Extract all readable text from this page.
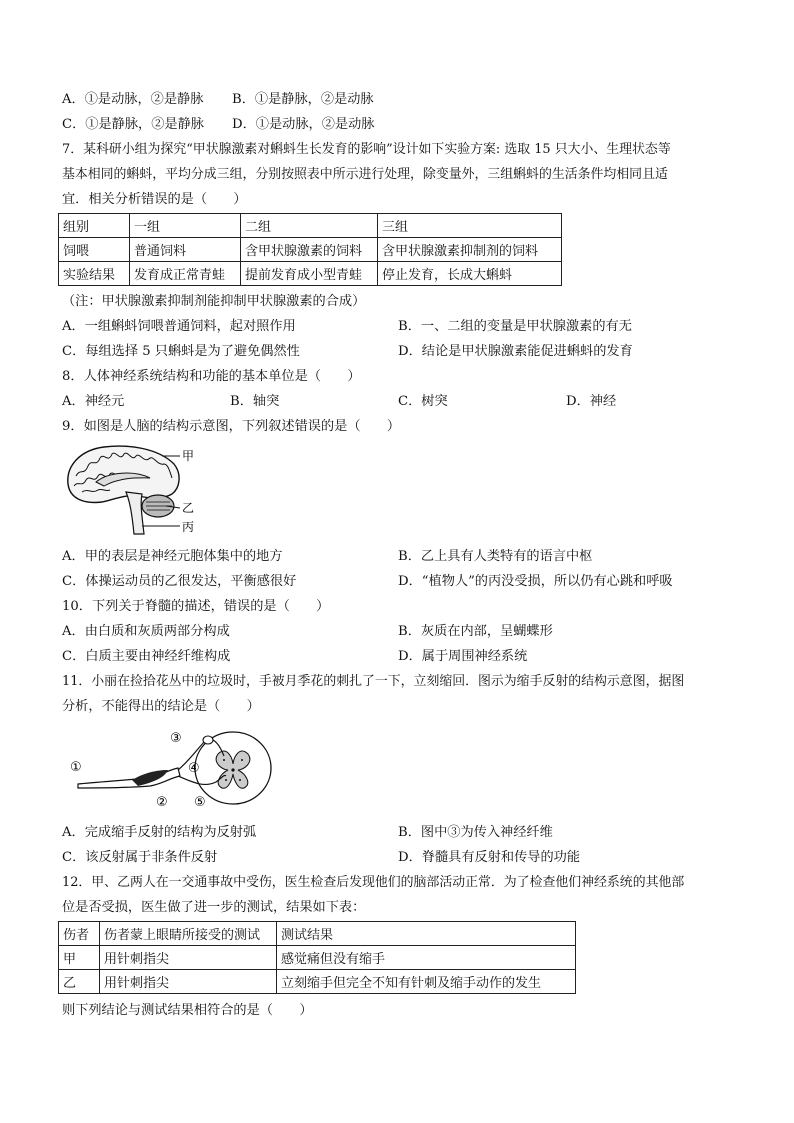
A．①是动脉，②是静脉 B．①是静脉，②是动脉
C．①是静脉，②是静脉 D．①是动脉，②是动脉
7．某科研小组为探究“甲状腺激素对蝌蚪生长发育的影响”设计如下实验方案: 选取 15 只大小、生理状态等
基本相同的蝌蚪，平均分成三组，分别按照表中所示进行处理，除变量外，三组蝌蚪的生活条件均相同且适
宜．相关分析错误的是（　　）
组别	一组	二组	三组
饲喂	普通饲料	含甲状腺激素的饲料	含甲状腺激素抑制剂的饲料
实验结果	发育成正常青蛙	提前发育成小型青蛙	停止发育，长成大蝌蚪
（注：甲状腺激素抑制剂能抑制甲状腺激素的合成）
A．一组蝌蚪饲喂普通饲料，起对照作用	B．一、二组的变量是甲状腺激素的有无
C．每组选择 5 只蝌蚪是为了避免偶然性	D．结论是甲状腺激素能促进蝌蚪的发育
8．人体神经系统结构和功能的基本单位是（　　）
A．神经元	B．轴突	C．树突	D．神经
9．如图是人脑的结构示意图，下列叙述错误的是（　　）
甲
乙
丙
A．甲的表层是神经元胞体集中的地方	B．乙上具有人类特有的语言中枢
C．体操运动员的乙很发达，平衡感很好	D．“植物人”的丙没受损，所以仍有心跳和呼吸
10．下列关于脊髓的描述，错误的是（　　）
A．由白质和灰质两部分构成	B．灰质在内部，呈蝴蝶形
C．白质主要由神经纤维构成	D．属于周围神经系统
11．小丽在捡拾花丛中的垃圾时，手被月季花的刺扎了一下，立刻缩回．图示为缩手反射的结构示意图，据图
分析，不能得出的结论是（　　）
①
②
③
④
⑤
A．完成缩手反射的结构为反射弧	B．图中③为传入神经纤维
C．该反射属于非条件反射	D．脊髓具有反射和传导的功能
12．甲、乙两人在一交通事故中受伤，医生检查后发现他们的脑部活动正常．为了检查他们神经系统的其他部
位是否受损，医生做了进一步的测试，结果如下表：
伤者	伤者蒙上眼睛所接受的测试	测试结果
甲	用针刺指尖	感觉痛但没有缩手
乙	用针刺指尖	立刻缩手但完全不知有针刺及缩手动作的发生
则下列结论与测试结果相符合的是（　　）
